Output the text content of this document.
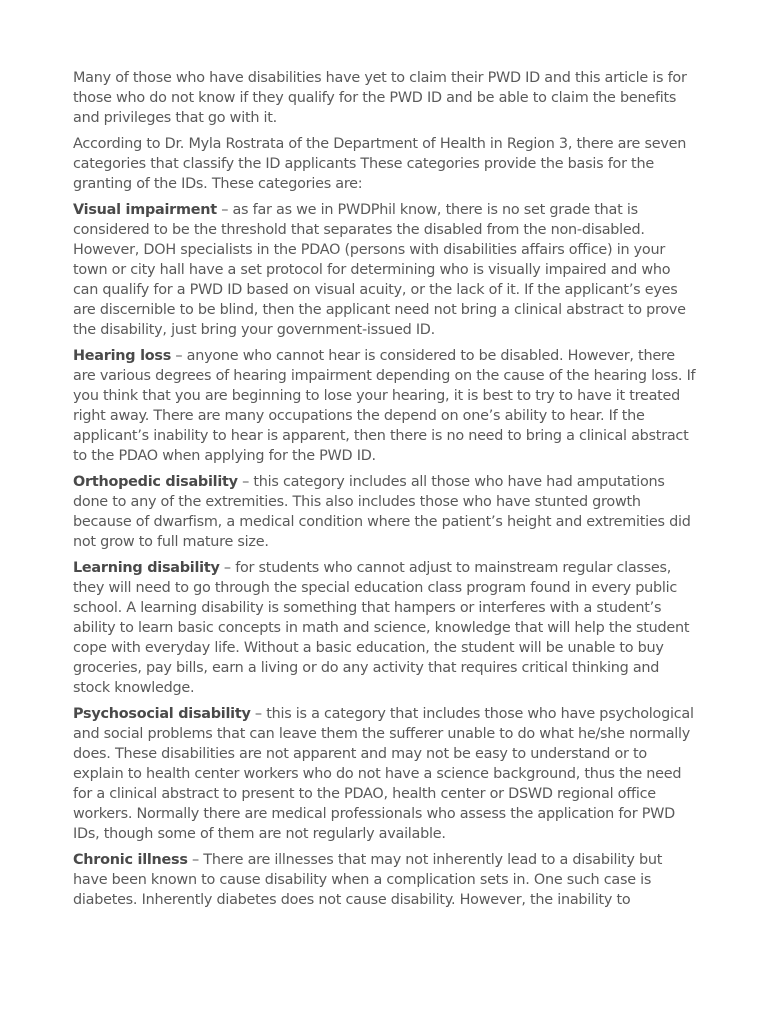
Many of those who have disabilities have yet to claim their PWD ID and this article is for those who do not know if they qualify for the PWD ID and be able to claim the benefits and privileges that go with it.

According to Dr. Myla Rostrata of the Department of Health in Region 3, there are seven categories that classify the ID applicants These categories provide the basis for the granting of the IDs. These categories are:

Visual impairment – as far as we in PWDPhil know, there is no set grade that is considered to be the threshold that separates the disabled from the non-disabled. However, DOH specialists in the PDAO (persons with disabilities affairs office) in your town or city hall have a set protocol for determining who is visually impaired and who can qualify for a PWD ID based on visual acuity, or the lack of it. If the applicant’s eyes are discernible to be blind, then the applicant need not bring a clinical abstract to prove the disability, just bring your government-issued ID.

Hearing loss – anyone who cannot hear is considered to be disabled. However, there are various degrees of hearing impairment depending on the cause of the hearing loss. If you think that you are beginning to lose your hearing, it is best to try to have it treated right away. There are many occupations the depend on one’s ability to hear. If the applicant’s inability to hear is apparent, then there is no need to bring a clinical abstract to the PDAO when applying for the PWD ID.

Orthopedic disability – this category includes all those who have had amputations done to any of the extremities. This also includes those who have stunted growth because of dwarfism, a medical condition where the patient’s height and extremities did not grow to full mature size.

Learning disability – for students who cannot adjust to mainstream regular classes, they will need to go through the special education class program found in every public school. A learning disability is something that hampers or interferes with a student’s ability to learn basic concepts in math and science, knowledge that will help the student cope with everyday life. Without a basic education, the student will be unable to buy groceries, pay bills, earn a living or do any activity that requires critical thinking and stock knowledge.

Psychosocial disability – this is a category that includes those who have psychological and social problems that can leave them the sufferer unable to do what he/she normally does. These disabilities are not apparent and may not be easy to understand or to explain to health center workers who do not have a science background, thus the need for a clinical abstract to present to the PDAO, health center or DSWD regional office workers. Normally there are medical professionals who assess the application for PWD IDs, though some of them are not regularly available.

Chronic illness – There are illnesses that may not inherently lead to a disability but have been known to cause disability when a complication sets in. One such case is diabetes. Inherently diabetes does not cause disability. However, the inability to
